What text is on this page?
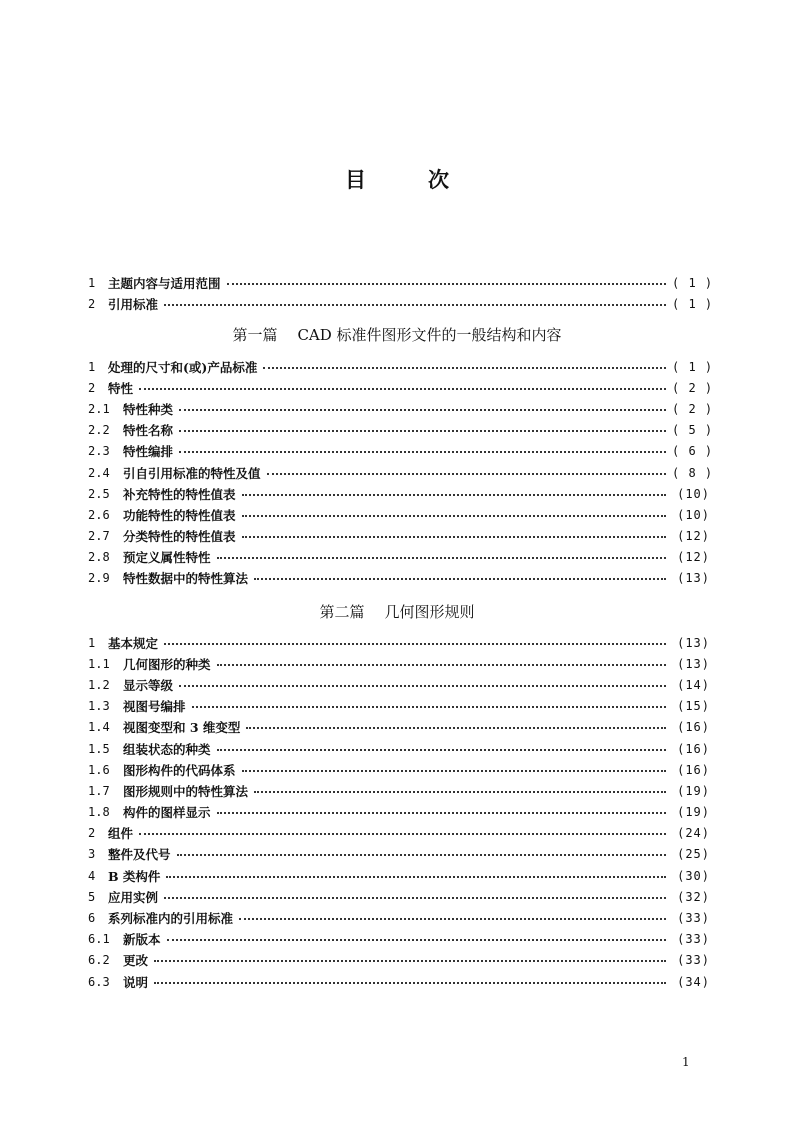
目	次
1	主题内容与适用范围	( 1 )
2	引用标准	( 1 )
第一篇 CAD 标准件图形文件的一般结构和内容
1	处理的尺寸和(或)产品标准	( 1 )
2	特性	( 2 )
2.1	特性种类	( 2 )
2.2	特性名称	( 5 )
2.3	特性编排	( 6 )
2.4	引自引用标准的特性及值	( 8 )
2.5	补充特性的特性值表	(10)
2.6	功能特性的特性值表	(10)
2.7	分类特性的特性值表	(12)
2.8	预定义属性特性	(12)
2.9	特性数据中的特性算法	(13)
第二篇 几何图形规则
1	基本规定	(13)
1.1	几何图形的种类	(13)
1.2	显示等级	(14)
1.3	视图号编排	(15)
1.4	视图变型和 3 维变型	(16)
1.5	组装状态的种类	(16)
1.6	图形构件的代码体系	(16)
1.7	图形规则中的特性算法	(19)
1.8	构件的图样显示	(19)
2	组件	(24)
3	整件及代号	(25)
4	B 类构件	(30)
5	应用实例	(32)
6	系列标准内的引用标准	(33)
6.1	新版本	(33)
6.2	更改	(33)
6.3	说明	(34)
1
